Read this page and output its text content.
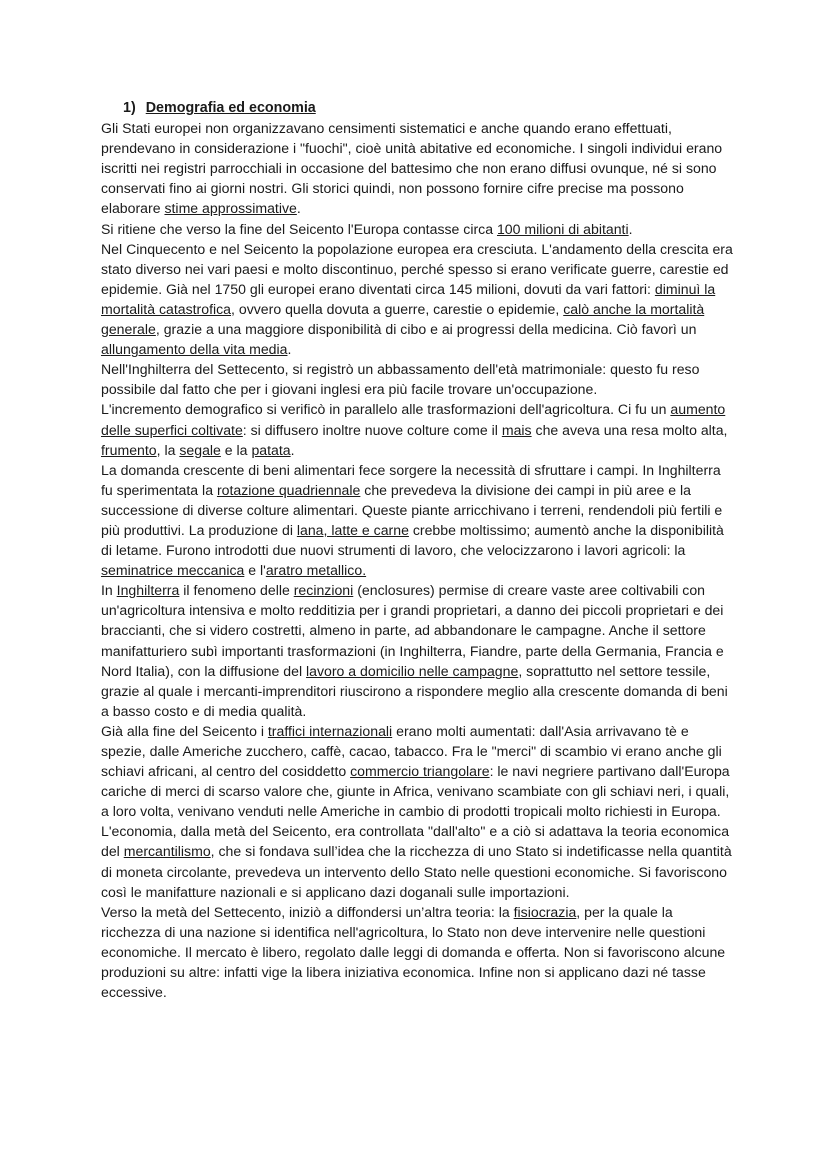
1) Demografia ed economia

Gli Stati europei non organizzavano censimenti sistematici e anche quando erano effettuati, prendevano in considerazione i "fuochi", cioè unità abitative ed economiche. I singoli individui erano iscritti nei registri parrocchiali in occasione del battesimo che non erano diffusi ovunque, né si sono conservati fino ai giorni nostri. Gli storici quindi, non possono fornire cifre precise ma possono elaborare stime approssimative.

Si ritiene che verso la fine del Seicento l'Europa contasse circa 100 milioni di abitanti.

Nel Cinquecento e nel Seicento la popolazione europea era cresciuta. L'andamento della crescita era stato diverso nei vari paesi e molto discontinuo, perché spesso si erano verificate guerre, carestie ed epidemie. Già nel 1750 gli europei erano diventati circa 145 milioni, dovuti da vari fattori: diminuì la mortalità catastrofica, ovvero quella dovuta a guerre, carestie o epidemie, calò anche la mortalità generale, grazie a una maggiore disponibilità di cibo e ai progressi della medicina. Ciò favorì un allungamento della vita media.

Nell'Inghilterra del Settecento, si registrò un abbassamento dell'età matrimoniale: questo fu reso possibile dal fatto che per i giovani inglesi era più facile trovare un'occupazione.

L'incremento demografico si verificò in parallelo alle trasformazioni dell'agricoltura. Ci fu un aumento delle superfici coltivate: si diffusero inoltre nuove colture come il mais che aveva una resa molto alta, frumento, la segale e la patata.

La domanda crescente di beni alimentari fece sorgere la necessità di sfruttare i campi. In Inghilterra fu sperimentata la rotazione quadriennale che prevedeva la divisione dei campi in più aree e la successione di diverse colture alimentari. Queste piante arricchivano i terreni, rendendoli più fertili e più produttivi. La produzione di lana, latte e carne crebbe moltissimo; aumentò anche la disponibilità di letame. Furono introdotti due nuovi strumenti di lavoro, che velocizzarono i lavori agricoli: la seminatrice meccanica e l'aratro metallico.

In Inghilterra il fenomeno delle recinzioni (enclosures) permise di creare vaste aree coltivabili con un'agricoltura intensiva e molto redditizia per i grandi proprietari, a danno dei piccoli proprietari e dei braccianti, che si videro costretti, almeno in parte, ad abbandonare le campagne. Anche il settore manifatturiero subì importanti trasformazioni (in Inghilterra, Fiandre, parte della Germania, Francia e Nord Italia), con la diffusione del lavoro a domicilio nelle campagne, soprattutto nel settore tessile, grazie al quale i mercanti-imprenditori riuscirono a rispondere meglio alla crescente domanda di beni a basso costo e di media qualità.

Già alla fine del Seicento i traffici internazionali erano molti aumentati: dall'Asia arrivavano tè e spezie, dalle Americhe zucchero, caffè, cacao, tabacco. Fra le "merci" di scambio vi erano anche gli schiavi africani, al centro del cosiddetto commercio triangolare: le navi negriere partivano dall'Europa cariche di merci di scarso valore che, giunte in Africa, venivano scambiate con gli schiavi neri, i quali, a loro volta, venivano venduti nelle Americhe in cambio di prodotti tropicali molto richiesti in Europa.

L'economia, dalla metà del Seicento, era controllata "dall'alto" e a ciò si adattava la teoria economica del mercantilismo, che si fondava sull’idea che la ricchezza di uno Stato si indetificasse nella quantità di moneta circolante, prevedeva un intervento dello Stato nelle questioni economiche. Si favoriscono così le manifatture nazionali e si applicano dazi doganali sulle importazioni.

Verso la metà del Settecento, iniziò a diffondersi un’altra teoria: la fisiocrazia, per la quale la ricchezza di una nazione si identifica nell'agricoltura, lo Stato non deve intervenire nelle questioni economiche. Il mercato è libero, regolato dalle leggi di domanda e offerta. Non si favoriscono alcune produzioni su altre: infatti vige la libera iniziativa economica. Infine non si applicano dazi né tasse eccessive.
